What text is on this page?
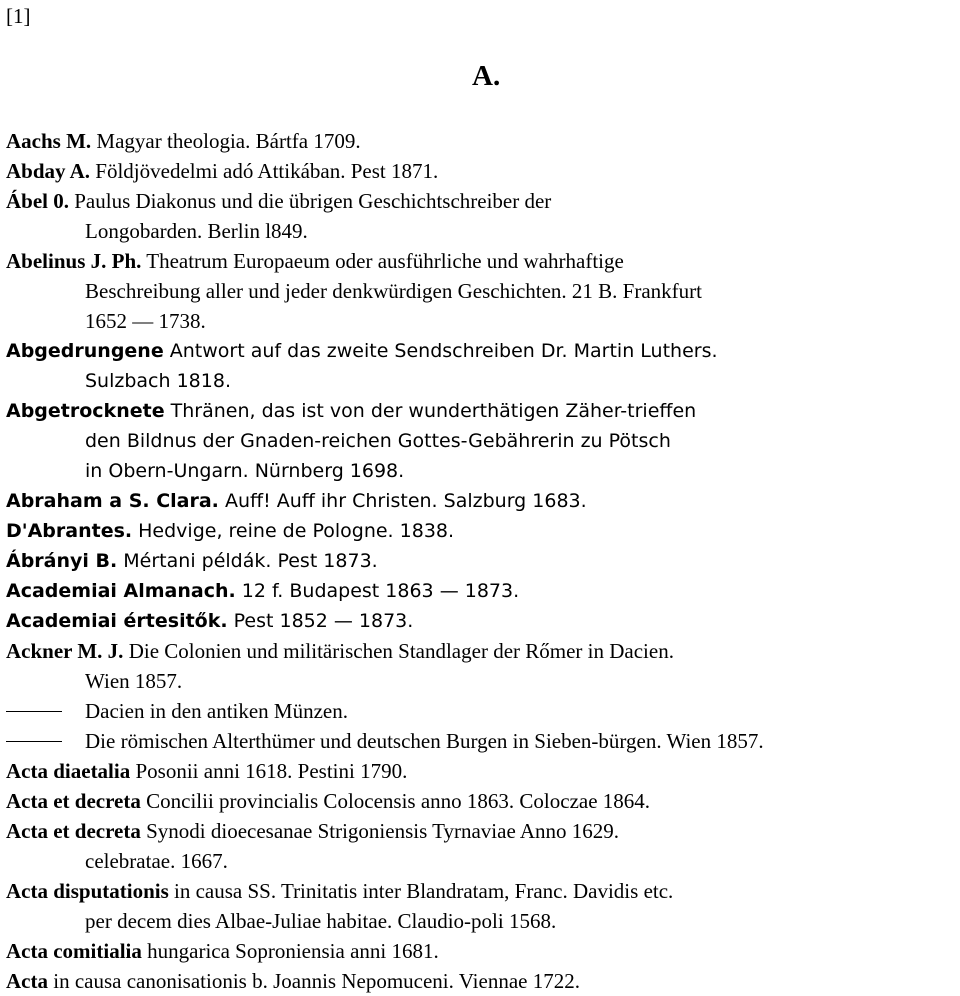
[1]
A.
Aachs M. Magyar theologia. Bártfa 1709.
Abday A. Földjövedelmi adó Attikában. Pest 1871.
Ábel 0. Paulus Diakonus und die übrigen Geschichtschreiber der
Longobarden. Berlin l849.
Abelinus J. Ph. Theatrum Europaeum oder ausführliche und wahrhaftige
Beschreibung aller und jeder denkwürdigen Geschichten. 21 B. Frankfurt
1652 — 1738.
Abgedrungene Antwort auf das zweite Sendschreiben Dr. Martin Luthers.
Sulzbach 1818.
Abgetrocknete Thränen, das ist von der wunderthätigen Zäher-trieffen
den Bildnus der Gnaden-reichen Gottes-Gebährerin zu Pötsch
in Obern-Ungarn. Nürnberg 1698.
Abraham a S. Clara. Auff! Auff ihr Christen. Salzburg 1683.
D'Abrantes. Hedvige, reine de Pologne. 1838.
Ábrányi B. Mértani példák. Pest 1873.
Academiai Almanach. 12 f. Budapest 1863 — 1873.
Academiai értesitők. Pest 1852 — 1873.
Ackner M. J. Die Colonien und militärischen Standlager der Rőmer in Dacien.
Wien 1857.
Dacien in den antiken Münzen.
Die römischen Alterthümer und deutschen Burgen in Sieben-bürgen. Wien 1857.
Acta diaetalia Posonii anni 1618. Pestini 1790.
Acta et decreta Concilii provincialis Colocensis anno 1863. Coloczae 1864.
Acta et decreta Synodi dioecesanae Strigoniensis Tyrnaviae Anno 1629.
celebratae. 1667.
Acta disputationis in causa SS. Trinitatis inter Blandratam, Franc. Davidis etc.
per decem dies Albae-Juliae habitae. Claudio-poli 1568.
Acta comitialia hungarica Soproniensia anni 1681.
Acta in causa canonisationis b. Joannis Nepomuceni. Viennae 1722.
